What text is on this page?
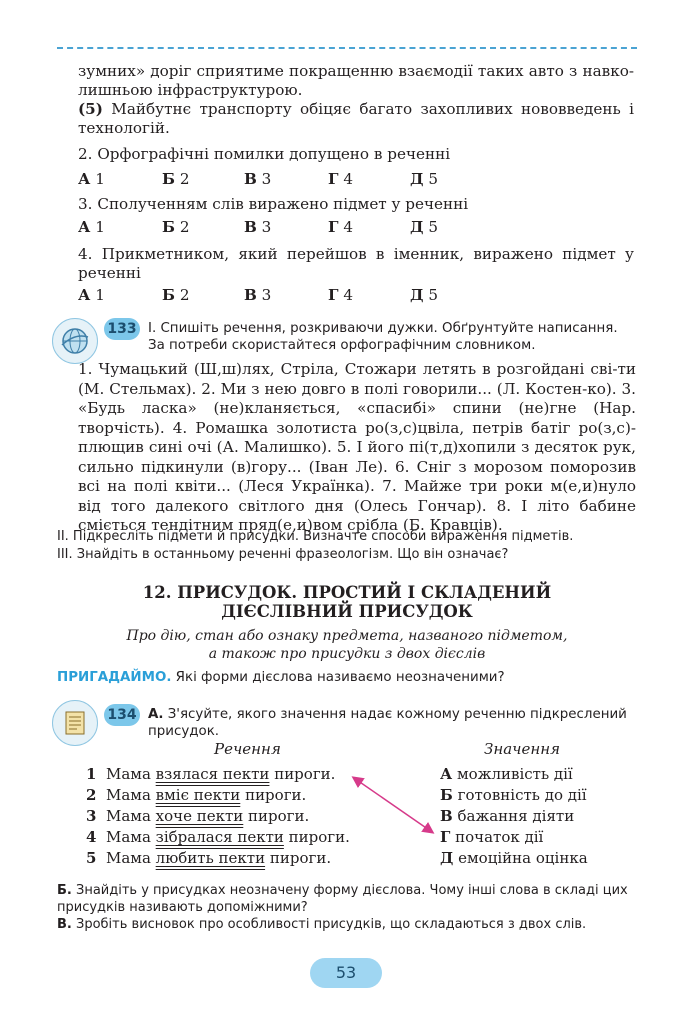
зумних» доріг сприятиме покращенню взаємодії таких авто з навко-лишньою інфраструктурою.
(5) Майбутнє транспорту обіцяє багато захопливих нововведень і технологій.
2. Орфографічні помилки допущено в реченні
А 1	Б 2	В 3	Г 4	Д 5
3. Сполученням слів виражено підмет у реченні
А 1	Б 2	В 3	Г 4	Д 5
4. Прикметником, який перейшов в іменник, виражено підмет у реченні
А 1	Б 2	В 3	Г 4	Д 5
133 I. Спишіть речення, розкриваючи дужки. Обґрунтуйте написання. За потреби скористайтеся орфографічним словником.
1. Чумацький (Ш,ш)лях, Стріла, Стожари летять в розгойдані сві-ти (М. Стельмах). 2. Ми з нею довго в полі говорили... (Л. Костен-ко). 3. «Будь ласка» (не)кланяється, «спасибі» спини (не)гне (Нар. творчість). 4. Ромашка золотиста ро(з,с)цвіла, петрів батіг ро(з,с)-плющив сині очі (А. Малишко). 5. І його пі(т,д)хопили з десяток рук, сильно підкинули (в)гору... (Іван Ле). 6. Сніг з морозом поморозив всі на полі квіти... (Леся Українка). 7. Майже три роки м(е,и)нуло від того далекого світлого дня (Олесь Гончар). 8. І літо бабине сміється тендітним пряд(е,и)вом срібла (Б. Кравців).
II. Підкресліть підмети й присудки. Визначте способи вираження підметів.
III. Знайдіть в останньому реченні фразеологізм. Що він означає?
12. ПРИСУДОК. ПРОСТИЙ І СКЛАДЕНИЙ
ДІЄСЛІВНИЙ ПРИСУДОК
Про дію, стан або ознаку предмета, названого підметом,
а також про присудки з двох дієслів
ПРИГАДАЙМО. Які форми дієслова називаємо неозначеними?
134 А. З'ясуйте, якого значення надає кожному реченню підкреслений присудок.
Речення	Значення
1 Мама взялася пекти пироги.
2 Мама вміє пекти пироги.
3 Мама хоче пекти пироги.
4 Мама зібралася пекти пироги.
5 Мама любить пекти пироги.
А можливість дії
Б готовність до дії
В бажання діяти
Г початок дії
Д емоційна оцінка
Б. Знайдіть у присудках неозначену форму дієслова. Чому інші слова в складі цих присудків називають допоміжними?
В. Зробіть висновок про особливості присудків, що складаються з двох слів.
53
